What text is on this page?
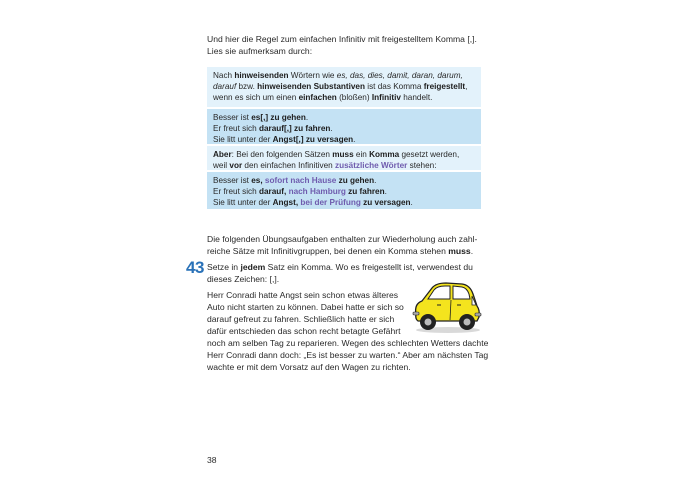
Und hier die Regel zum einfachen Infinitiv mit freigestelltem Komma [,].
Lies sie aufmerksam durch:

Nach hinweisenden Wörtern wie es, das, dies, damit, daran, darum,
darauf bzw. hinweisenden Substantiven ist das Komma freigestellt,
wenn es sich um einen einfachen (bloßen) Infinitiv handelt.

Besser ist es[,] zu gehen.

Er freut sich darauf[,] zu fahren.

Sie litt unter der Angst[,] zu versagen.

Aber: Bei den folgenden Sätzen muss ein Komma gesetzt werden,
weil vor den einfachen Infinitiven zusätzliche Wörter stehen:

Besser ist es, sofort nach Hause zu gehen.

Er freut sich darauf, nach Hamburg zu fahren.

Sie litt unter der Angst, bei der Prüfung zu versagen.

Die folgenden Übungsaufgaben enthalten zur Wiederholung auch zahl-
reiche Sätze mit Infinitivgruppen, bei denen ein Komma stehen muss.
43 Setze in jedem Satz ein Komma. Wo es freigestellt ist, verwendest du
dieses Zeichen: [,].
Herr Conradi hatte Angst sein schon etwas älteres
Auto nicht starten zu können. Dabei hatte er sich so
darauf gefreut zu fahren. Schließlich hatte er sich
dafür entschieden das schon recht betagte Gefährt
noch am selben Tag zu reparieren. Wegen des schlechten Wetters dachte
Herr Conradi dann doch: „Es ist besser zu warten.“ Aber am nächsten Tag
wachte er mit dem Vorsatz auf den Wagen zu richten.
38
